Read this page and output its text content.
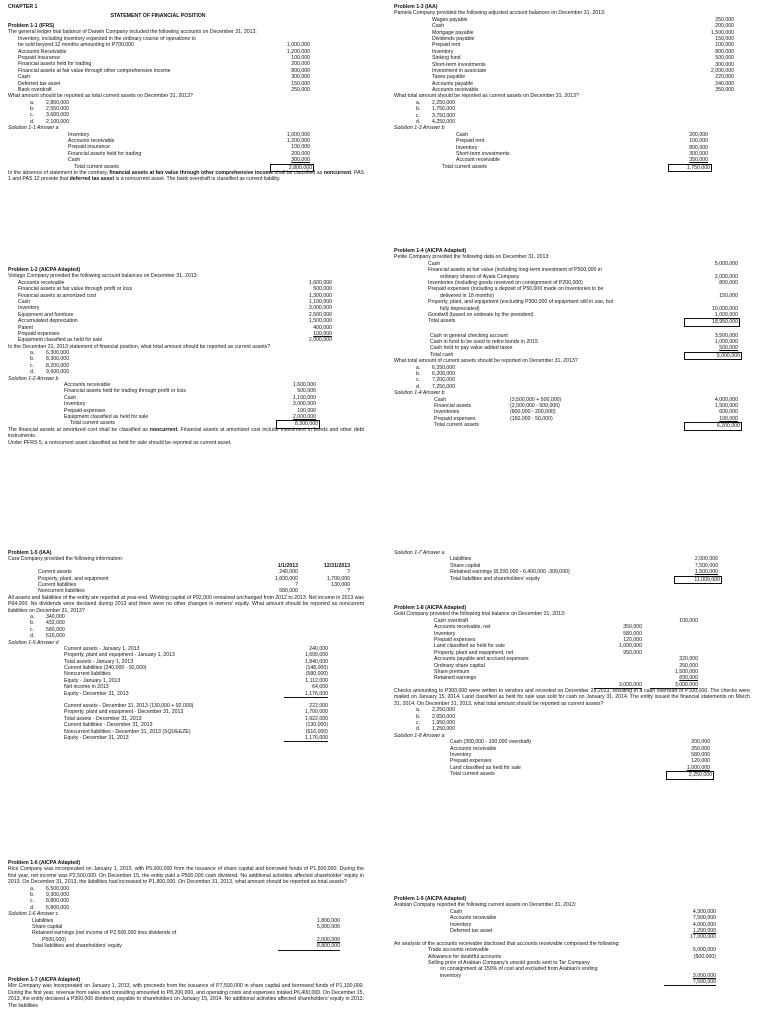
CHAPTER 1
STATEMENT OF FINANCIAL POSITION
Problem 1-1 (IFRS)
The general ledger trial balance of Darwin Company included the following accounts on December 31, 2013:
Inventory, including inventory expected in the ordinary course of operations to
be sold beyond 12 months amounting to P700,000	1,000,000
Accounts Receivable	1,200,000
Prepaid Insurance	100,000
Financial assets held for trading	200,000
Financial assets at fair value through other comprehensive income	800,000
Cash	300,000
Deferred tax asset	150,000
Bank overdraft	250,000
What amount should be reported as total current assets on December 31, 2013?
a. 2,800,000
b. 2,550,000
c. 3,600,000
d. 2,100,000
Solution 1-1 Answer a
Inventory	1,000,000
Accounts receivable	1,200,000
Prepaid insurance	100,000
Financial assets held for trading	200,000
Cash	300,000
Total current assets	2,800,000

In the absence of statement to the contrary, financial assets at fair value through other comprehensive income shall be classified as noncurrent. PAS 1 and PAS 12 provide that deferred tax asset is a noncurrent asset. The bank overdraft is classified as current liability.

Problem 1-2 (AICPA Adapted)
Violago Company provided the following account balances on December 31, 2013:
Accounts receivable	1,600,000
Financial assets at fair value through profit or loss	500,000
Financial assets at amortized cost	1,300,000
Cash	1,100,000
Inventory	3,000,000
Equipment and furniture	2,500,000
Accumulated depreciation	1,500,000
Patent	400,000
Prepaid expenses	100,000
Equipment classified as held for sale	2,000,000
In the December 31, 2013 statement of financial position, what total amount should be reported as current assets?
a. 6,300,000
b. 8,300,000
c. 8,200,000
d. 9,600,000
Solution 1-2 Answer b
Accounts receivable	1,600,000
Financial assets held for trading through profit or loss	500,000
Cash	1,100,000
Inventory	3,000,000
Prepaid expenses	100,000
Equipment classified as held for sale	2,000,000
Total current assets	8,300,000

The financial assets at amortized cost shall be classified as noncurrent. Financial assets at amortized cost include investment in bonds and other debt instruments.

Under PFRS 5, a noncurrent asset classified as held for sale should be reported as current asset.
Problem 1-5 (IAA)
Cara Company provided the following information:
1/1/2013	12/31/2013
Current assets	240,000	?
Property, plant, and equipment	1,600,000	1,700,000
Current liabilities	?	130,000
Noncurrent liabilities	580,000	?

All assets and liabilities of the entity are reported at year-end. Working capital of P92,000 remained unchanged from 2012 to 2013. Net income in 2013 was P64,000. No dividends were declared during 2013 and there were no other changes in owners' equity. What amount should be reported as noncurrent liabilities on December 31, 2013?

a. 340,000
b. 432,000
c. 580,000
d. 616,000
Solution 1-5 Answer d
Current assets - January 1, 2013	240,000
Property, plant and equipment - January 1, 2013	1,600,000
Total assets - January 1, 2013	1,840,000
Current liabilities (240,000 - 92,000)	(148,000)
Noncurrent liabilities	(580,000)
Equity - January 1, 2013	1,112,000
Net income in 2013	64,000
Equity - December 31, 2013	1,176,000
Current assets - December 31, 2013 (130,000 + 92,000)	222,000
Property, plant and equipment - December 31, 2013	1,700,000
Total assets - December 31, 2013	1,922,000
Current liabilities - December 31, 2013	(130,000)
Noncurrent liabilities - December 31, 2013 (SQUEEZE)	(616,000)
Equity - December 31, 2013	1,176,000
Problem 1-6 (AICPA Adapted)

Rice Company was incorporated on January 1, 2013, with P5,000,000 from the issuance of share capital and borrowed funds of P1,500,000. During the first year, net income was P2,500,000. On December 15, the entity paid a P500,000 cash dividend. No additional activities affected shareholder' equity in 2013. On December 31, 2013, the liabilities had increased to P1,800,000. On December 31, 2013, what amount should be reported as total assets?

a. 6,500,000
b. 9,300,000
c. 8,800,000
d. 6,800,000
Solution 1-6 Answer c
Liabilities	1,800,000
Share capital	5,000,000
Retained earnings (net income of P2,500,000 less dividends of
P500,000)	2,000,000
Total liabilities and shareholders' equity	8,800,000
Problem 1-7 (AICPA Adapted)

Mirr Company was incorporated on January 1, 2013, with proceeds from the issuance of P7,500,000 in share capital and borrowed funds of P1,100,000. During the first year, revenue from sales and consulting amounted to P8,200,000, and operating costs and expenses totaled P6,400,000. On December 15, 2013, the entity declared a P300,000 dividend, payable to shareholders on January 15, 2014. No additional activities affected shareholders' equity in 2013. The liabilities

Problem 1-3 (IAA)
Pamela Company provided the following adjusted account balances on December 31, 2013:
Wages payable	250,000
Cash	200,000
Mortgage payable	1,500,000
Dividends payable	150,000
Prepaid rent	100,000
Inventory	800,000
Sinking fund	500,000
Short-term investments	300,000
Investment in associate	2,000,000
Taxes payable	220,000
Accounts payable	240,000
Accounts receivable	350,000
What total amount should be reported as current assets on December 31, 2013?
a. 2,250,000
b. 1,750,000
c. 3,750,000
d. 4,250,000
Solution 1-3 Answer b
Cash	200,000
Prepaid rent	100,000
Inventory	800,000
Short-term investments	300,000
Account receivable	350,000
Total current assets	1,750,000
Problem 1-4 (AICPA Adapted)
Petite Company provided the following data on December 31, 2013:
Cash	5,000,000
Financial assets at fair value (including long-term investment of P500,000 in
ordinary shares of Ayala Company	2,000,000
Inventories (including goods received on consignment of P200,000)	800,000
Prepaid expenses (including a deposit of P50,000 made on inventories to be
delivered in 18 months)	150,000
Property, plant, and equipment (excluding P300,000 of equipment still in use, but
fully depreciated)	10,000,000
Goodwill (based on estimate by the president)	1,000,000
Total assets	18,950,000
Cash in general checking account	3,500,000
Cash in fund to be used to retire bonds in 2015	1,000,000
Cash held to pay value added taxes	500,000
Total cash	5,000,000
What total amount of current assets should be reported on December 31, 2013?
a. 6,250,000
b. 6,200,000
c. 7,200,000
d. 7,250,000
Solution 1-4 Answer b
Cash	(3,500,000 + 500,000)	4,000,000
Financial assets	(2,000,000 - 500,000)	1,500,000
Inventories	(800,000 - 200,000)	600,000
Prepaid expenses	(150,000 - 50,000)	100,000
Total current assets	6,200,000
Solution 1-7 Answer a
Liabilities	2,000,000
Share capital	7,500,000
Retained earnings (8,200,000 - 6,400,000 -300,000)	1,500,000
Total liabilities and shareholders' equity	11,000,000
Problem 1-8 (AICPA Adapted)
Gold Company provided the following trial balance on December 31, 2013:
Cash overdraft	100,000
Accounts receivable, net	350,000
Inventory	580,000
Prepaid expenses	120,000
Land classified as held for sale	1,000,000
Property, plant and equipment, net	950,000
Accounts payable and accrued expenses	320,000
Ordinary share capital	250,000
Share premium	1,500,000
Retained earnings	830,000
3,000,000	3,000,000

Checks amounting to P300,000 were written to vendors and recorded on December 29,2013, resulting in a cash overdraft of P100,000. The checks were mailed on January 15, 2014. Land classified as held for sale was sold for cash on January 31, 2014. The entity issued the financial statements on March 31, 2014. On December 31, 2013, what total amount should be reported as current assets?

a. 2,250,000
b. 2,050,000
c. 1,950,000
d. 1,250,000
Solution 1-8 Answer a
Cash (300,000 - 100,000 overdraft)	200,000
Accounts receivable	350,000
Inventory	580,000
Prepaid expenses	120,000
Land classified as held for sale	1,000,000
Total current assets	2,250,000
Problem 1-9 (AICPA Adapted)
Arabian Company reported the following current assets on December 31, 2013:
Cash	4,300,000
Accounts receivable	7,500,000
Inventory	4,000,000
Deferred tax asset	1,200,000
17,000,000
An analysis of the accounts receivable disclosed that accounts receivable comprised the following:
Trade accounts receivable	5,000,000
Allowance for doubtful accounts	(500,000)
Selling price of Arabian Company's unsold goods sent to Tar Company
on consignment at 150% of cost and excluded from Arabian's ending
inventory	3,000,000
7,500,000
